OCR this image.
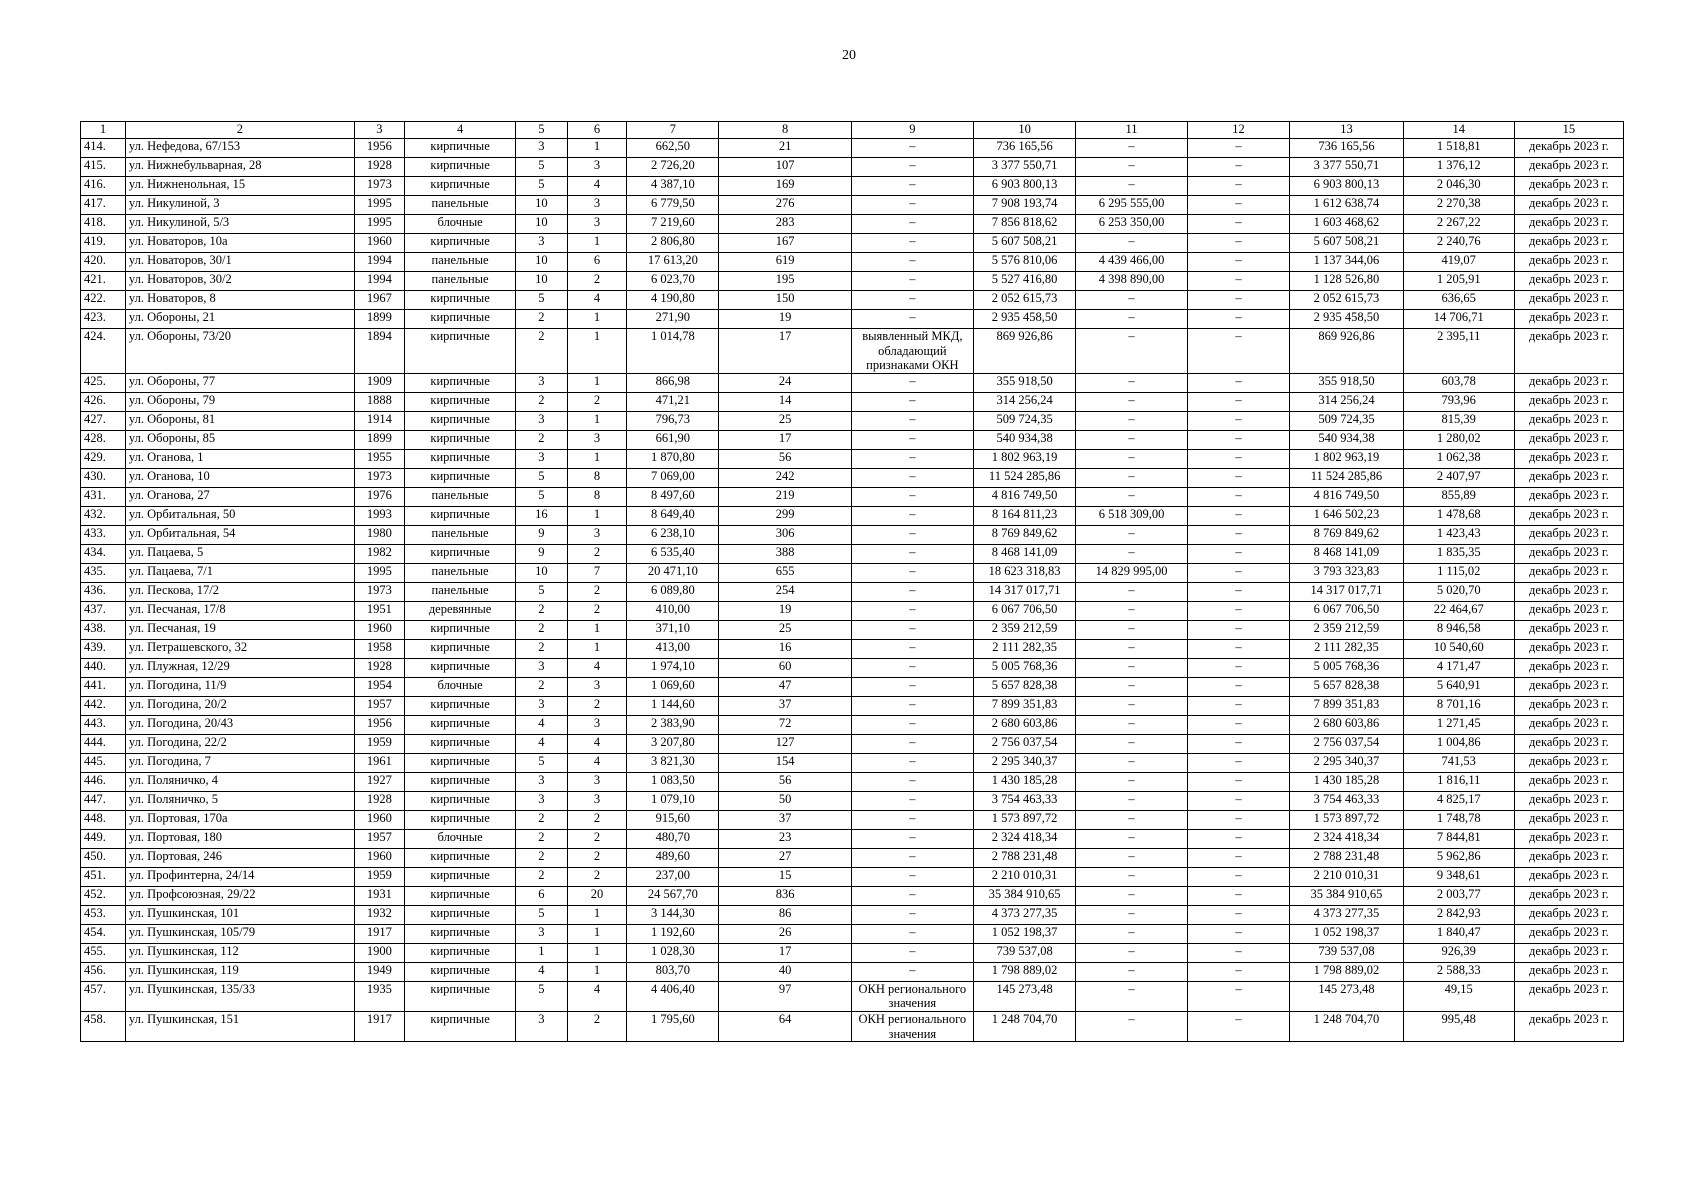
20
1	2	3	4	5	6	7	8	9	10	11	12	13	14	15
414.	ул. Нефедова, 67/153	1956	кирпичные	3	1	662,50	21	–	736 165,56	–	–	736 165,56	1 518,81	декабрь 2023 г.
415.	ул. Нижнебульварная, 28	1928	кирпичные	5	3	2 726,20	107	–	3 377 550,71	–	–	3 377 550,71	1 376,12	декабрь 2023 г.
416.	ул. Нижненольная, 15	1973	кирпичные	5	4	4 387,10	169	–	6 903 800,13	–	–	6 903 800,13	2 046,30	декабрь 2023 г.
417.	ул. Никулиной, 3	1995	панельные	10	3	6 779,50	276	–	7 908 193,74	6 295 555,00	–	1 612 638,74	2 270,38	декабрь 2023 г.
418.	ул. Никулиной, 5/3	1995	блочные	10	3	7 219,60	283	–	7 856 818,62	6 253 350,00	–	1 603 468,62	2 267,22	декабрь 2023 г.
419.	ул. Новаторов, 10а	1960	кирпичные	3	1	2 806,80	167	–	5 607 508,21	–	–	5 607 508,21	2 240,76	декабрь 2023 г.
420.	ул. Новаторов, 30/1	1994	панельные	10	6	17 613,20	619	–	5 576 810,06	4 439 466,00	–	1 137 344,06	419,07	декабрь 2023 г.
421.	ул. Новаторов, 30/2	1994	панельные	10	2	6 023,70	195	–	5 527 416,80	4 398 890,00	–	1 128 526,80	1 205,91	декабрь 2023 г.
422.	ул. Новаторов, 8	1967	кирпичные	5	4	4 190,80	150	–	2 052 615,73	–	–	2 052 615,73	636,65	декабрь 2023 г.
423.	ул. Обороны, 21	1899	кирпичные	2	1	271,90	19	–	2 935 458,50	–	–	2 935 458,50	14 706,71	декабрь 2023 г.
424.	ул. Обороны, 73/20	1894	кирпичные	2	1	1 014,78	17	выявленный МКД, обладающий признаками ОКН	869 926,86	–	–	869 926,86	2 395,11	декабрь 2023 г.
425.	ул. Обороны, 77	1909	кирпичные	3	1	866,98	24	–	355 918,50	–	–	355 918,50	603,78	декабрь 2023 г.
426.	ул. Обороны, 79	1888	кирпичные	2	2	471,21	14	–	314 256,24	–	–	314 256,24	793,96	декабрь 2023 г.
427.	ул. Обороны, 81	1914	кирпичные	3	1	796,73	25	–	509 724,35	–	–	509 724,35	815,39	декабрь 2023 г.
428.	ул. Обороны, 85	1899	кирпичные	2	3	661,90	17	–	540 934,38	–	–	540 934,38	1 280,02	декабрь 2023 г.
429.	ул. Оганова, 1	1955	кирпичные	3	1	1 870,80	56	–	1 802 963,19	–	–	1 802 963,19	1 062,38	декабрь 2023 г.
430.	ул. Оганова, 10	1973	кирпичные	5	8	7 069,00	242	–	11 524 285,86	–	–	11 524 285,86	2 407,97	декабрь 2023 г.
431.	ул. Оганова, 27	1976	панельные	5	8	8 497,60	219	–	4 816 749,50	–	–	4 816 749,50	855,89	декабрь 2023 г.
432.	ул. Орбитальная, 50	1993	кирпичные	16	1	8 649,40	299	–	8 164 811,23	6 518 309,00	–	1 646 502,23	1 478,68	декабрь 2023 г.
433.	ул. Орбитальная, 54	1980	панельные	9	3	6 238,10	306	–	8 769 849,62	–	–	8 769 849,62	1 423,43	декабрь 2023 г.
434.	ул. Пацаева, 5	1982	кирпичные	9	2	6 535,40	388	–	8 468 141,09	–	–	8 468 141,09	1 835,35	декабрь 2023 г.
435.	ул. Пацаева, 7/1	1995	панельные	10	7	20 471,10	655	–	18 623 318,83	14 829 995,00	–	3 793 323,83	1 115,02	декабрь 2023 г.
436.	ул. Пескова, 17/2	1973	панельные	5	2	6 089,80	254	–	14 317 017,71	–	–	14 317 017,71	5 020,70	декабрь 2023 г.
437.	ул. Песчаная, 17/8	1951	деревянные	2	2	410,00	19	–	6 067 706,50	–	–	6 067 706,50	22 464,67	декабрь 2023 г.
438.	ул. Песчаная, 19	1960	кирпичные	2	1	371,10	25	–	2 359 212,59	–	–	2 359 212,59	8 946,58	декабрь 2023 г.
439.	ул. Петрашевского, 32	1958	кирпичные	2	1	413,00	16	–	2 111 282,35	–	–	2 111 282,35	10 540,60	декабрь 2023 г.
440.	ул. Плужная, 12/29	1928	кирпичные	3	4	1 974,10	60	–	5 005 768,36	–	–	5 005 768,36	4 171,47	декабрь 2023 г.
441.	ул. Погодина, 11/9	1954	блочные	2	3	1 069,60	47	–	5 657 828,38	–	–	5 657 828,38	5 640,91	декабрь 2023 г.
442.	ул. Погодина, 20/2	1957	кирпичные	3	2	1 144,60	37	–	7 899 351,83	–	–	7 899 351,83	8 701,16	декабрь 2023 г.
443.	ул. Погодина, 20/43	1956	кирпичные	4	3	2 383,90	72	–	2 680 603,86	–	–	2 680 603,86	1 271,45	декабрь 2023 г.
444.	ул. Погодина, 22/2	1959	кирпичные	4	4	3 207,80	127	–	2 756 037,54	–	–	2 756 037,54	1 004,86	декабрь 2023 г.
445.	ул. Погодина, 7	1961	кирпичные	5	4	3 821,30	154	–	2 295 340,37	–	–	2 295 340,37	741,53	декабрь 2023 г.
446.	ул. Поляничко, 4	1927	кирпичные	3	3	1 083,50	56	–	1 430 185,28	–	–	1 430 185,28	1 816,11	декабрь 2023 г.
447.	ул. Поляничко, 5	1928	кирпичные	3	3	1 079,10	50	–	3 754 463,33	–	–	3 754 463,33	4 825,17	декабрь 2023 г.
448.	ул. Портовая, 170а	1960	кирпичные	2	2	915,60	37	–	1 573 897,72	–	–	1 573 897,72	1 748,78	декабрь 2023 г.
449.	ул. Портовая, 180	1957	блочные	2	2	480,70	23	–	2 324 418,34	–	–	2 324 418,34	7 844,81	декабрь 2023 г.
450.	ул. Портовая, 246	1960	кирпичные	2	2	489,60	27	–	2 788 231,48	–	–	2 788 231,48	5 962,86	декабрь 2023 г.
451.	ул. Профинтерна, 24/14	1959	кирпичные	2	2	237,00	15	–	2 210 010,31	–	–	2 210 010,31	9 348,61	декабрь 2023 г.
452.	ул. Профсоюзная, 29/22	1931	кирпичные	6	20	24 567,70	836	–	35 384 910,65	–	–	35 384 910,65	2 003,77	декабрь 2023 г.
453.	ул. Пушкинская, 101	1932	кирпичные	5	1	3 144,30	86	–	4 373 277,35	–	–	4 373 277,35	2 842,93	декабрь 2023 г.
454.	ул. Пушкинская, 105/79	1917	кирпичные	3	1	1 192,60	26	–	1 052 198,37	–	–	1 052 198,37	1 840,47	декабрь 2023 г.
455.	ул. Пушкинская, 112	1900	кирпичные	1	1	1 028,30	17	–	739 537,08	–	–	739 537,08	926,39	декабрь 2023 г.
456.	ул. Пушкинская, 119	1949	кирпичные	4	1	803,70	40	–	1 798 889,02	–	–	1 798 889,02	2 588,33	декабрь 2023 г.
457.	ул. Пушкинская, 135/33	1935	кирпичные	5	4	4 406,40	97	ОКН регионального значения	145 273,48	–	–	145 273,48	49,15	декабрь 2023 г.
458.	ул. Пушкинская, 151	1917	кирпичные	3	2	1 795,60	64	ОКН регионального значения	1 248 704,70	–	–	1 248 704,70	995,48	декабрь 2023 г.
